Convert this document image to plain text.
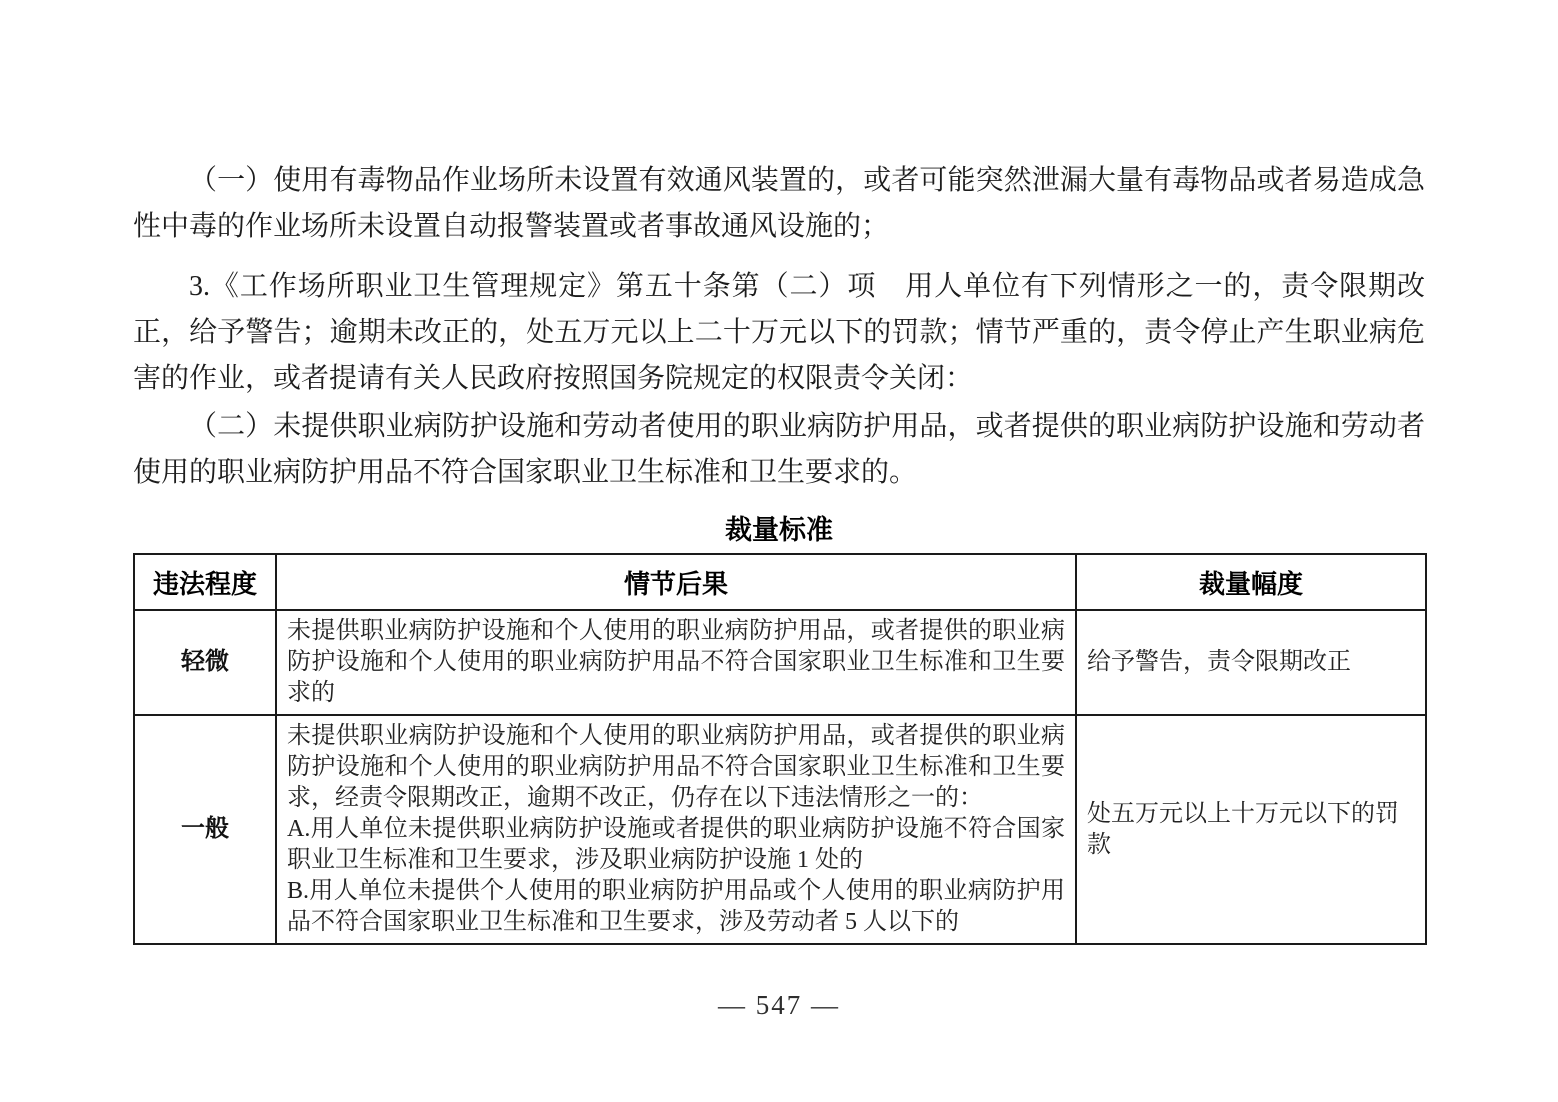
（一）使用有毒物品作业场所未设置有效通风装置的，或者可能突然泄漏大量有毒物品或者易造成急性中毒的作业场所未设置自动报警装置或者事故通风设施的；

3.《工作场所职业卫生管理规定》第五十条第（二）项　用人单位有下列情形之一的，责令限期改正，给予警告；逾期未改正的，处五万元以上二十万元以下的罚款；情节严重的，责令停止产生职业病危害的作业，或者提请有关人民政府按照国务院规定的权限责令关闭：

（二）未提供职业病防护设施和劳动者使用的职业病防护用品，或者提供的职业病防护设施和劳动者使用的职业病防护用品不符合国家职业卫生标准和卫生要求的。

裁量标准
违法程度	情节后果	裁量幅度
轻微	未提供职业病防护设施和个人使用的职业病防护用品，或者提供的职业病防护设施和个人使用的职业病防护用品不符合国家职业卫生标准和卫生要求的	给予警告，责令限期改正
一般	未提供职业病防护设施和个人使用的职业病防护用品，或者提供的职业病防护设施和个人使用的职业病防护用品不符合国家职业卫生标准和卫生要求，经责令限期改正，逾期不改正，仍存在以下违法情形之一的：
A.用人单位未提供职业病防护设施或者提供的职业病防护设施不符合国家职业卫生标准和卫生要求，涉及职业病防护设施 1 处的
B.用人单位未提供个人使用的职业病防护用品或个人使用的职业病防护用品不符合国家职业卫生标准和卫生要求，涉及劳动者 5 人以下的	处五万元以上十万元以下的罚款
— 547 —
